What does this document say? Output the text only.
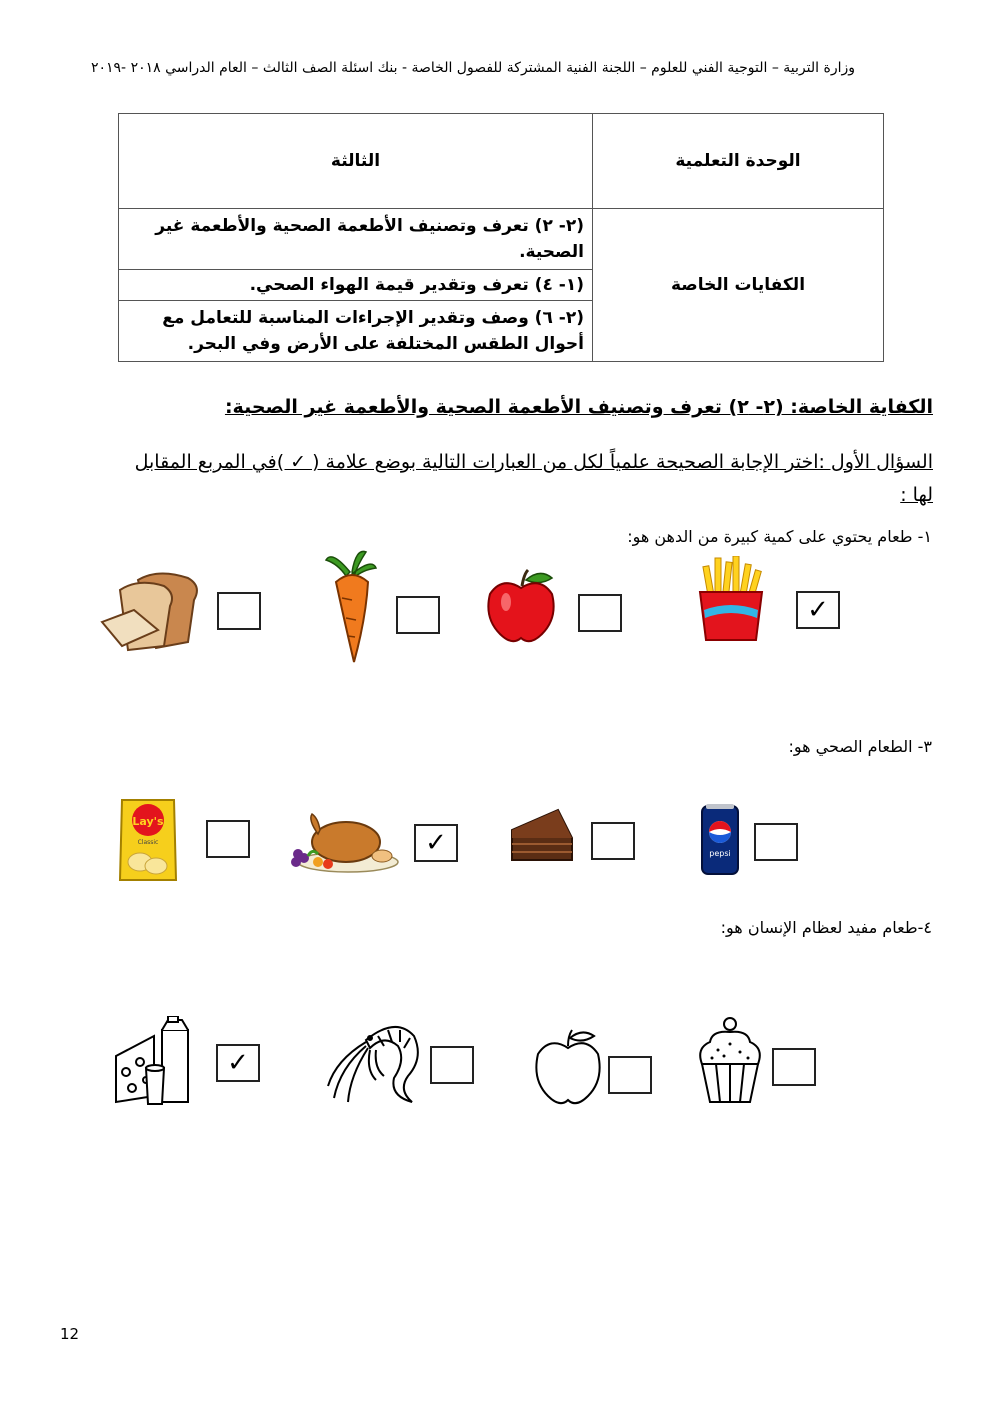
وزارة التربية – التوجية الفني للعلوم – اللجنة الفنية المشتركة للفصول الخاصة - بنك اسئلة الصف الثالث – العام الدراسي ٢٠١٨ -٢٠١٩
الوحدة التعلمية	الثالثة
الكفايات الخاصة	(٢- ٢) تعرف وتصنيف الأطعمة الصحية والأطعمة غير الصحية.
	(١- ٤) تعرف وتقدير قيمة الهواء الصحي.
	(٢- ٦) وصف وتقدير الإجراءات المناسبة للتعامل مع أحوال الطقس المختلفة على الأرض وفي البحر.
الكفاية الخاصة: (٢- ٢) تعرف وتصنيف الأطعمة الصحية والأطعمة غير الصحية:
السؤال الأول :اختر الإجابة الصحيحة علمياً لكل من العبارات التالية بوضع علامة ( ✓ )في المربع المقابل لها :
١- طعام يحتوي على كمية كبيرة من الدهن هو:
✓
٣- الطعام الصحي هو:
Lay's
Classic	✓	pepsi
٤-طعام مفيد لعظام الإنسان هو:
✓
12
